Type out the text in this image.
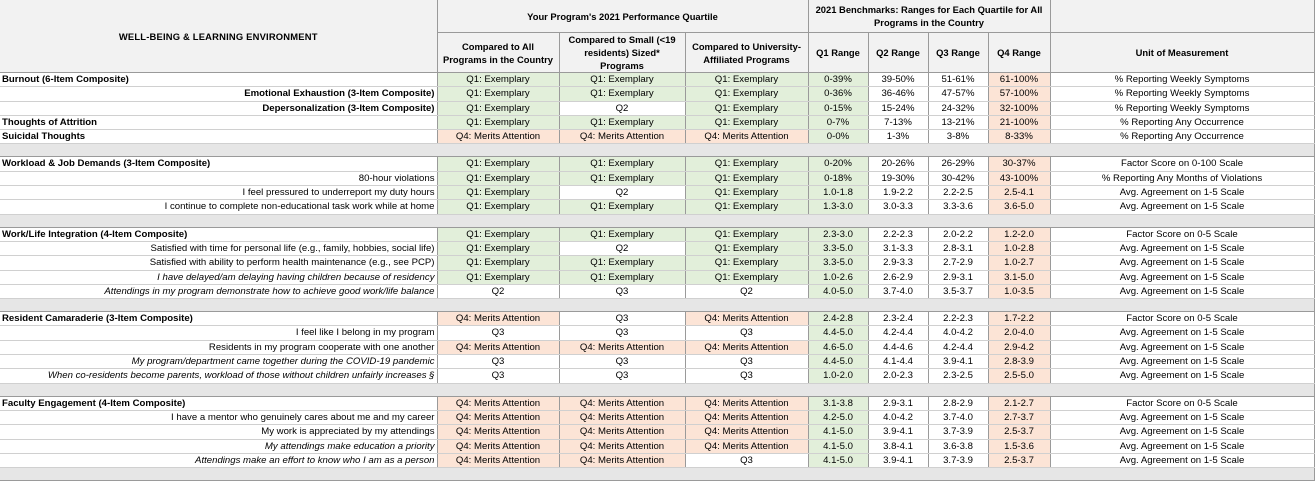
WELL-BEING & LEARNING ENVIRONMENT	Your Program's 2021 Performance Quartile			2021 Benchmarks: Ranges for Each Quartile for All Programs in the Country				
	Compared to All Programs in the Country	Compared to Small (<19 residents) Sized* Programs	Compared to University-Affiliated Programs	Q1 Range	Q2 Range	Q3 Range	Q4 Range	Unit of Measurement
Burnout (6-Item Composite)	Q1: Exemplary	Q1: Exemplary	Q1: Exemplary	0-39%	39-50%	51-61%	61-100%	% Reporting Weekly Symptoms
Emotional Exhaustion (3-Item Composite)	Q1: Exemplary	Q1: Exemplary	Q1: Exemplary	0-36%	36-46%	47-57%	57-100%	% Reporting Weekly Symptoms
Depersonalization (3-Item Composite)	Q1: Exemplary	Q2	Q1: Exemplary	0-15%	15-24%	24-32%	32-100%	% Reporting Weekly Symptoms
Thoughts of Attrition	Q1: Exemplary	Q1: Exemplary	Q1: Exemplary	0-7%	7-13%	13-21%	21-100%	% Reporting Any Occurrence
Suicidal Thoughts	Q4: Merits Attention	Q4: Merits Attention	Q4: Merits Attention	0-0%	1-3%	3-8%	8-33%	% Reporting Any Occurrence

Workload & Job Demands (3-Item Composite)	Q1: Exemplary	Q1: Exemplary	Q1: Exemplary	0-20%	20-26%	26-29%	30-37%	Factor Score on 0-100 Scale
80-hour violations	Q1: Exemplary	Q1: Exemplary	Q1: Exemplary	0-18%	19-30%	30-42%	43-100%	% Reporting Any Months of Violations
I feel pressured to underreport my duty hours	Q1: Exemplary	Q2	Q1: Exemplary	1.0-1.8	1.9-2.2	2.2-2.5	2.5-4.1	Avg. Agreement on 1-5 Scale
I continue to complete non-educational task work while at home	Q1: Exemplary	Q1: Exemplary	Q1: Exemplary	1.3-3.0	3.0-3.3	3.3-3.6	3.6-5.0	Avg. Agreement on 1-5 Scale

Work/Life Integration (4-Item Composite)	Q1: Exemplary	Q1: Exemplary	Q1: Exemplary	2.3-3.0	2.2-2.3	2.0-2.2	1.2-2.0	Factor Score on 0-5 Scale
Satisfied with time for personal life (e.g., family, hobbies, social life)	Q1: Exemplary	Q2	Q1: Exemplary	3.3-5.0	3.1-3.3	2.8-3.1	1.0-2.8	Avg. Agreement on 1-5 Scale
Satisfied with ability to perform health maintenance (e.g., see PCP)	Q1: Exemplary	Q1: Exemplary	Q1: Exemplary	3.3-5.0	2.9-3.3	2.7-2.9	1.0-2.7	Avg. Agreement on 1-5 Scale
I have delayed/am delaying having children because of residency	Q1: Exemplary	Q1: Exemplary	Q1: Exemplary	1.0-2.6	2.6-2.9	2.9-3.1	3.1-5.0	Avg. Agreement on 1-5 Scale
Attendings in my program demonstrate how to achieve good work/life balance	Q2	Q3	Q2	4.0-5.0	3.7-4.0	3.5-3.7	1.0-3.5	Avg. Agreement on 1-5 Scale

Resident Camaraderie (3-Item Composite)	Q4: Merits Attention	Q3	Q4: Merits Attention	2.4-2.8	2.3-2.4	2.2-2.3	1.7-2.2	Factor Score on 0-5 Scale
I feel like I belong in my program	Q3	Q3	Q3	4.4-5.0	4.2-4.4	4.0-4.2	2.0-4.0	Avg. Agreement on 1-5 Scale
Residents in my program cooperate with one another	Q4: Merits Attention	Q4: Merits Attention	Q4: Merits Attention	4.6-5.0	4.4-4.6	4.2-4.4	2.9-4.2	Avg. Agreement on 1-5 Scale
My program/department came together during the COVID-19 pandemic	Q3	Q3	Q3	4.4-5.0	4.1-4.4	3.9-4.1	2.8-3.9	Avg. Agreement on 1-5 Scale
When co-residents become parents, workload of those without children unfairly increases §	Q3	Q3	Q3	1.0-2.0	2.0-2.3	2.3-2.5	2.5-5.0	Avg. Agreement on 1-5 Scale

Faculty Engagement (4-Item Composite)	Q4: Merits Attention	Q4: Merits Attention	Q4: Merits Attention	3.1-3.8	2.9-3.1	2.8-2.9	2.1-2.7	Factor Score on 0-5 Scale
I have a mentor who genuinely cares about me and my career	Q4: Merits Attention	Q4: Merits Attention	Q4: Merits Attention	4.2-5.0	4.0-4.2	3.7-4.0	2.7-3.7	Avg. Agreement on 1-5 Scale
My work is appreciated by my attendings	Q4: Merits Attention	Q4: Merits Attention	Q4: Merits Attention	4.1-5.0	3.9-4.1	3.7-3.9	2.5-3.7	Avg. Agreement on 1-5 Scale
My attendings make education a priority	Q4: Merits Attention	Q4: Merits Attention	Q4: Merits Attention	4.1-5.0	3.8-4.1	3.6-3.8	1.5-3.6	Avg. Agreement on 1-5 Scale
Attendings make an effort to know who I am as a person	Q4: Merits Attention	Q4: Merits Attention	Q3	4.1-5.0	3.9-4.1	3.7-3.9	2.5-3.7	Avg. Agreement on 1-5 Scale
